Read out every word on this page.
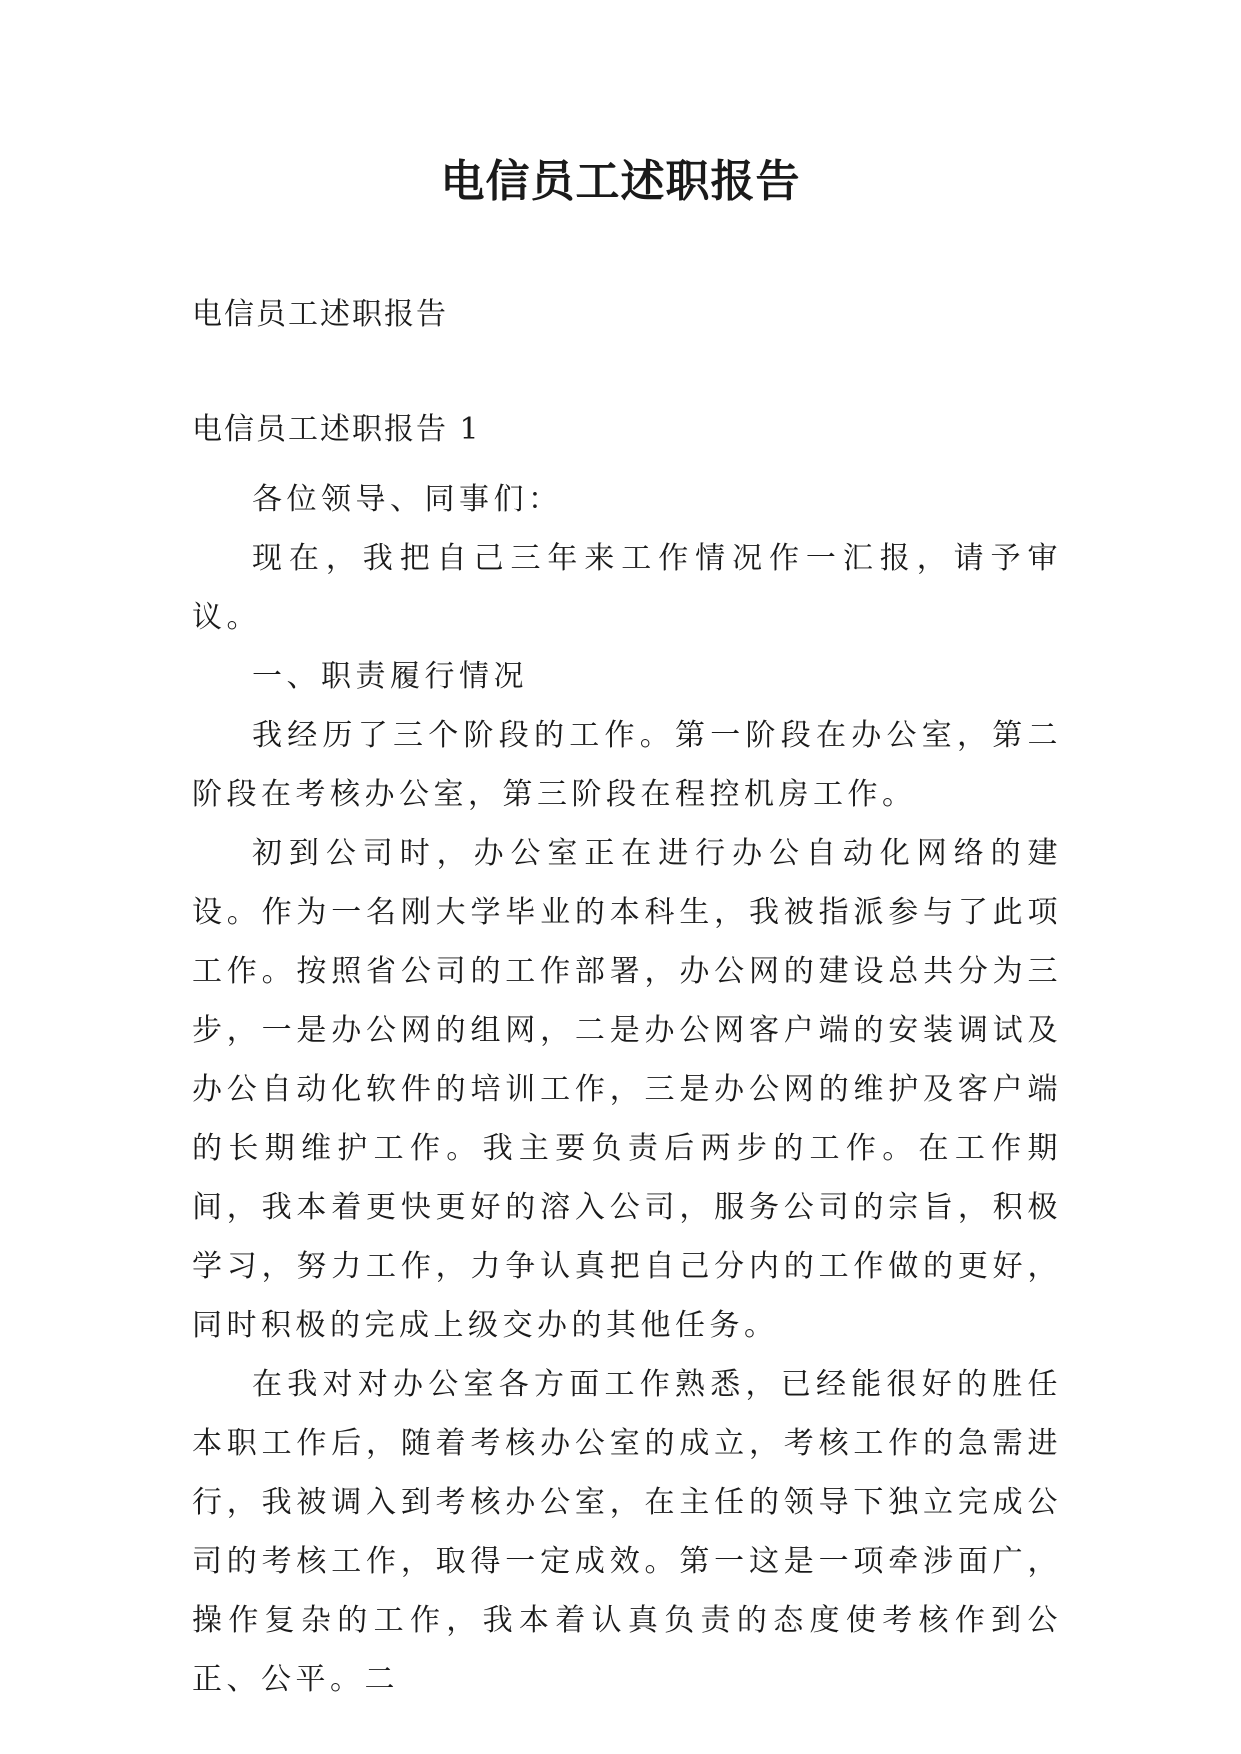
电信员工述职报告

电信员工述职报告

电信员工述职报告 1

各位领导、同事们：

现在，我把自己三年来工作情况作一汇报，请予审议。

一、职责履行情况

我经历了三个阶段的工作。第一阶段在办公室，第二阶段在考核办公室，第三阶段在程控机房工作。

初到公司时，办公室正在进行办公自动化网络的建设。作为一名刚大学毕业的本科生，我被指派参与了此项工作。按照省公司的工作部署，办公网的建设总共分为三步，一是办公网的组网，二是办公网客户端的安装调试及办公自动化软件的培训工作，三是办公网的维护及客户端的长期维护工作。我主要负责后两步的工作。在工作期间，我本着更快更好的溶入公司，服务公司的宗旨，积极学习，努力工作，力争认真把自己分内的工作做的更好，同时积极的完成上级交办的其他任务。

在我对对办公室各方面工作熟悉，已经能很好的胜任本职工作后，随着考核办公室的成立，考核工作的急需进行，我被调入到考核办公室，在主任的领导下独立完成公司的考核工作，取得一定成效。第一这是一项牵涉面广，操作复杂的工作，我本着认真负责的态度使考核作到公正、公平。二
